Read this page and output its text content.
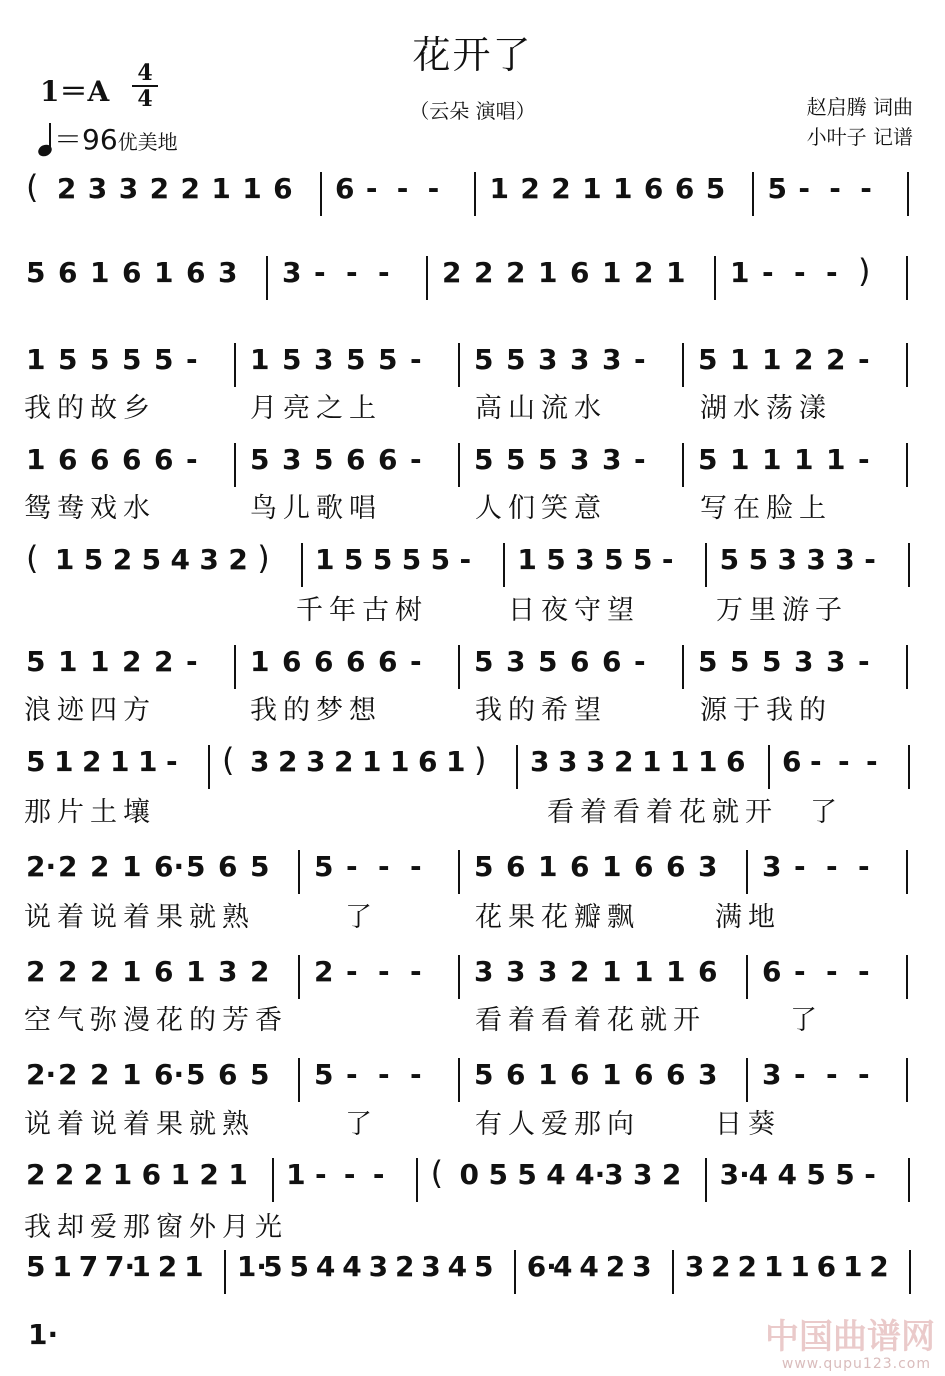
花开了
（云朵 演唱）
1＝A
4
4
＝96优美地
赵启腾 词曲
小叶子 记谱
( 2 3 3 2 2 1 1 6 6 - - - 1 2 2 1 1 6 6 5 5 - - -
5 6 1 6 1 6 3 3 - - - 2 2 2 1 6 1 2 1 1 - - - )
1 5 5 5 5 - 1 5 3 5 5 - 5 5 3 3 3 - 5 1 1 2 2 -
我的故乡	月亮之上	高山流水	湖水荡漾
1 6 6 6 6 - 5 3 5 6 6 - 5 5 5 3 3 - 5 1 1 1 1 -
鸳鸯戏水	鸟儿歌唱	人们笑意	写在脸上
( 1 5 2 5 4 3 2 ) 1 5 5 5 5 - 1 5 3 5 5 - 5 5 3 3 3 -
千年古树	日夜守望	万里游子
5 1 1 2 2 - 1 6 6 6 6 - 5 3 5 6 6 - 5 5 5 3 3 -
浪迹四方	我的梦想	我的希望	源于我的
5 1 2 1 1 - ( 3 2 3 2 1 1 6 1 ) 3 3 3 2 1 1 1 6 6 - - -
那片土壤	看着看着花就开 了
2· 2 2 1 6· 5 6 5 5 - - - 5 6 1 6 1 6 6 3 3 - - -
说着说着果就熟	了	花果花瓣飘	满地
2 2 2 1 6 1 3 2 2 - - - 3 3 3 2 1 1 1 6 6 - - -
空气弥漫花的芳香	看着看着花就开	了
2· 2 2 1 6· 5 6 5 5 - - - 5 6 1 6 1 6 6 3 3 - - -
说着说着果就熟	了	有人爱那向	日葵
2 2 2 1 6 1 2 1 1 - - - ( 0 5 5 4 4·
3 3 2 3·
4 4 5 5 -
我却爱那窗外月光
5 1 7 7·
1 2 1 1·
5 5 4 4 3 2 3 4 5 6·
4 4 2 3 3 2 2 1 1 6 1 2
1·	中国曲谱网
www.qupu123.com
